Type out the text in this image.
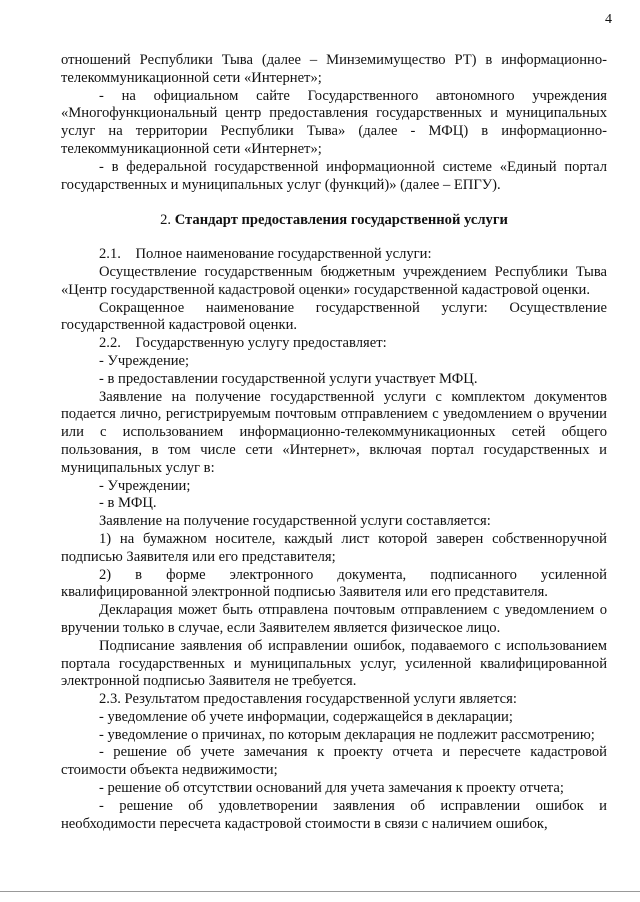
4

отношений Республики Тыва (далее – Минземимущество РТ) в информационно-телекоммуникационной сети «Интернет»;

- на официальном сайте Государственного автономного учреждения «Многофункциональный центр предоставления государственных и муниципальных услуг на территории Республики Тыва» (далее - МФЦ) в информационно-телекоммуникационной сети «Интернет»;

- в федеральной государственной информационной системе «Единый портал государственных и муниципальных услуг (функций)» (далее – ЕПГУ).

2. Стандарт предоставления государственной услуги

2.1.    Полное наименование государственной услуги:

Осуществление государственным бюджетным учреждением Республики Тыва «Центр государственной кадастровой оценки» государственной кадастровой оценки.

Сокращенное наименование государственной услуги: Осуществление государственной кадастровой оценки.

2.2.    Государственную услугу предоставляет:

- Учреждение;

- в предоставлении государственной услуги участвует МФЦ.

Заявление на получение государственной услуги с комплектом документов подается лично, регистрируемым почтовым отправлением с уведомлением о вручении или с использованием информационно-телекоммуникационных сетей общего пользования, в том числе сети «Интернет», включая портал государственных и муниципальных услуг в:

- Учреждении;

- в МФЦ.

Заявление на получение государственной услуги составляется:

1) на бумажном носителе, каждый лист которой заверен собственноручной подписью Заявителя или его представителя;

2) в форме электронного документа, подписанного усиленной квалифицированной электронной подписью Заявителя или его представителя.

Декларация может быть отправлена почтовым отправлением с уведомлением о вручении только в случае, если Заявителем является физическое лицо.

Подписание заявления об исправлении ошибок, подаваемого с использованием портала государственных и муниципальных услуг, усиленной квалифицированной электронной подписью Заявителя не требуется.

2.3. Результатом предоставления государственной услуги является:

- уведомление об учете информации, содержащейся в декларации;

- уведомление о причинах, по которым декларация не подлежит рассмотрению;

- решение об учете замечания к проекту отчета и пересчете кадастровой стоимости объекта недвижимости;

- решение об отсутствии оснований для учета замечания к проекту отчета;

- решение об удовлетворении заявления об исправлении ошибок и необходимости пересчета кадастровой стоимости в связи с наличием ошибок,
